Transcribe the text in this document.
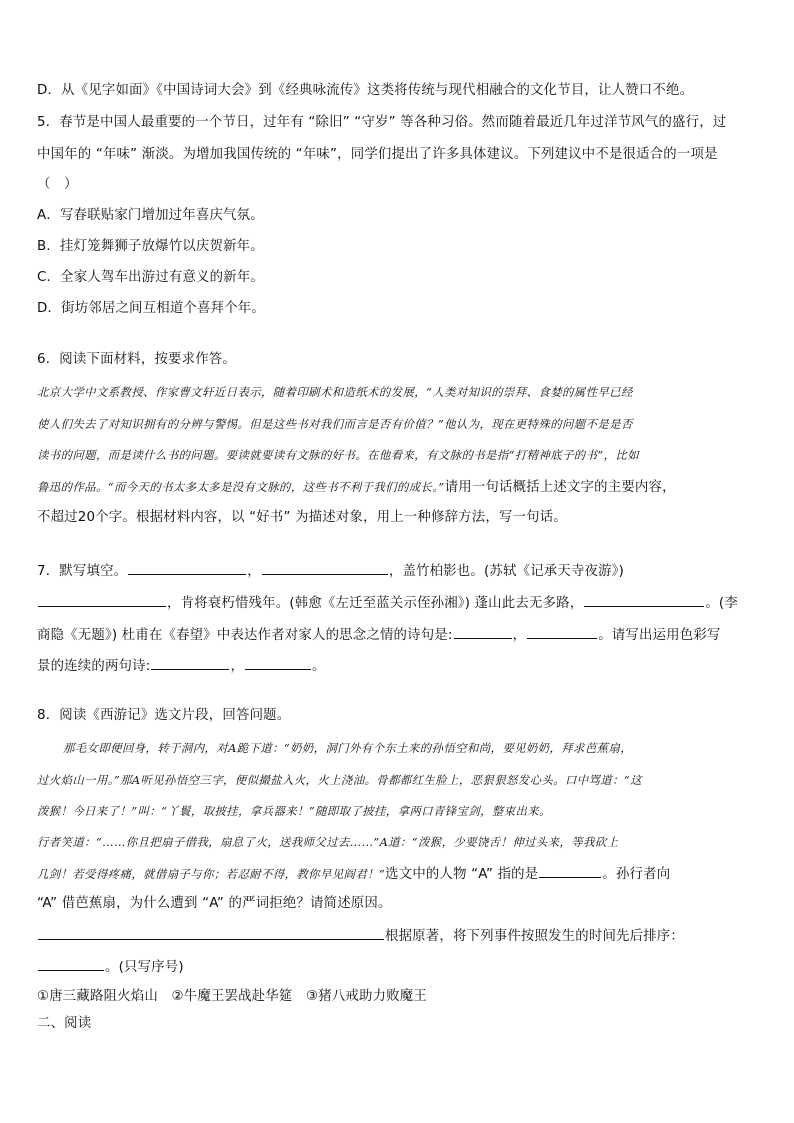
D．从《见字如面》《中国诗词大会》到《经典咏流传》这类将传统与现代相融合的文化节目，让人赞口不绝。
5．春节是中国人最重要的一个节日，过年有 “除旧” “守岁” 等各种习俗。然而随着最近几年过洋节风气的盛行，过
中国年的 “年味” 渐淡。为增加我国传统的 “年味”，同学们提出了许多具体建议。下列建议中不是很适合的一项是
（　）
A．写春联贴家门增加过年喜庆气氛。
B．挂灯笼舞狮子放爆竹以庆贺新年。
C．全家人驾车出游过有意义的新年。
D．街坊邻居之间互相道个喜拜个年。
6．阅读下面材料，按要求作答。
北京大学中文系教授、作家曹文轩近日表示，随着印刷术和造纸术的发展，“人类对知识的崇拜、食婪的属性早已经
使人们失去了对知识拥有的分辨与警惕。但是这些书对我们而言是否有价值？”他认为，现在更特殊的问题不是是否
读书的问题，而是读什么书的问题。要读就要读有文脉的好书。在他看来，有文脉的书是指“打精神底子的书”，比如
鲁迅的作品。“而今天的书太多太多是没有文脉的，这些书不利于我们的成长。”请用一句话概括上述文字的主要内容，
不超过20个字。根据材料内容，以 “好书” 为描述对象，用上一种修辞方法，写一句话。
7．默写填空。	，	，盖竹柏影也。(苏轼《记承天寺夜游》)
，肯将衰朽惜残年。(韩愈《左迁至蓝关示侄孙湘》) 蓬山此去无多路，	。(李
商隐《无题》) 杜甫在《春望》中表达作者对家人的思念之情的诗句是:	，	。请写出运用色彩写
景的连续的两句诗:	，	。
8．阅读《西游记》选文片段，回答问题。
那毛女即便回身，转于洞内，对A跪下道：“奶奶，洞门外有个东土来的孙悟空和尚，要见奶奶，拜求芭蕉扇，
过火焰山一用。”那A听见孙悟空三字，便似撮盐入火，火上浇油。骨都都红生脸上，恶狠狠怒发心头。口中骂道：“这
泼猴！今日来了！”叫：“丫鬟，取披挂，拿兵器来！”随即取了披挂，拿两口青锋宝剑，整束出来。
行者笑道：“……你且把扇子借我，扇息了火，送我师父过去……”A道：“泼猴，少要饶舌！伸过头来，等我砍上
几剑！若受得疼痛，就借扇子与你；若忍耐不得，教你早见阎君！”选文中的人物 “A” 指的是	。孙行者向
“A” 借芭蕉扇，为什么遭到 “A” 的严词拒绝？请简述原因。
根据原著，将下列事件按照发生的时间先后排序：
。(只写序号)
①唐三藏路阻火焰山　②牛魔王罢战赴华筵　③猪八戒助力败魔王
二、阅读
